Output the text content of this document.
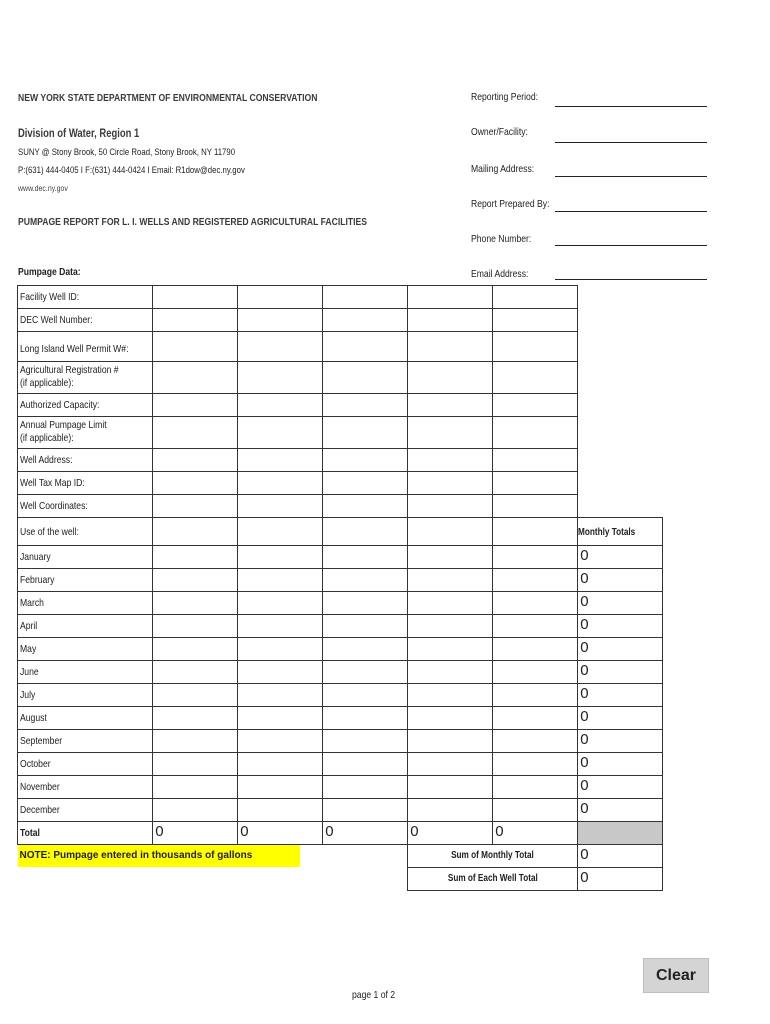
NEW YORK STATE DEPARTMENT OF ENVIRONMENTAL CONSERVATION
Division of Water, Region 1
SUNY @ Stony Brook, 50 Circle Road, Stony Brook, NY 11790
P:(631) 444-0405 I F:(631) 444-0424 I Email: R1dow@dec.ny.gov
www.dec.ny.gov
PUMPAGE REPORT FOR L. I. WELLS AND REGISTERED AGRICULTURAL FACILITIES
Pumpage Data:
Reporting Period:
Owner/Facility:
Mailing Address:
Report Prepared By:
Phone Number:
Email Address:
Facility Well ID:						

DEC Well Number:						

Long Island Well Permit W#:						

Agricultural Registration #
(if applicable):						

Authorized Capacity:						

Annual Pumpage Limit
(if applicable):						

Well Address:						

Well Tax Map ID:						

Well Coordinates:						

Use of the well:						Monthly Totals

January						0

February						0

March						0

April						0

May						0

June						0

July						0

August						0

September						0

October						0

November						0

December						0

Total	0	0	0	0	0	

NOTE: Pumpage entered in thousands of gallons				Sum of Monthly Total		0
				Sum of Each Well Total		0
Clear
page 1 of 2
